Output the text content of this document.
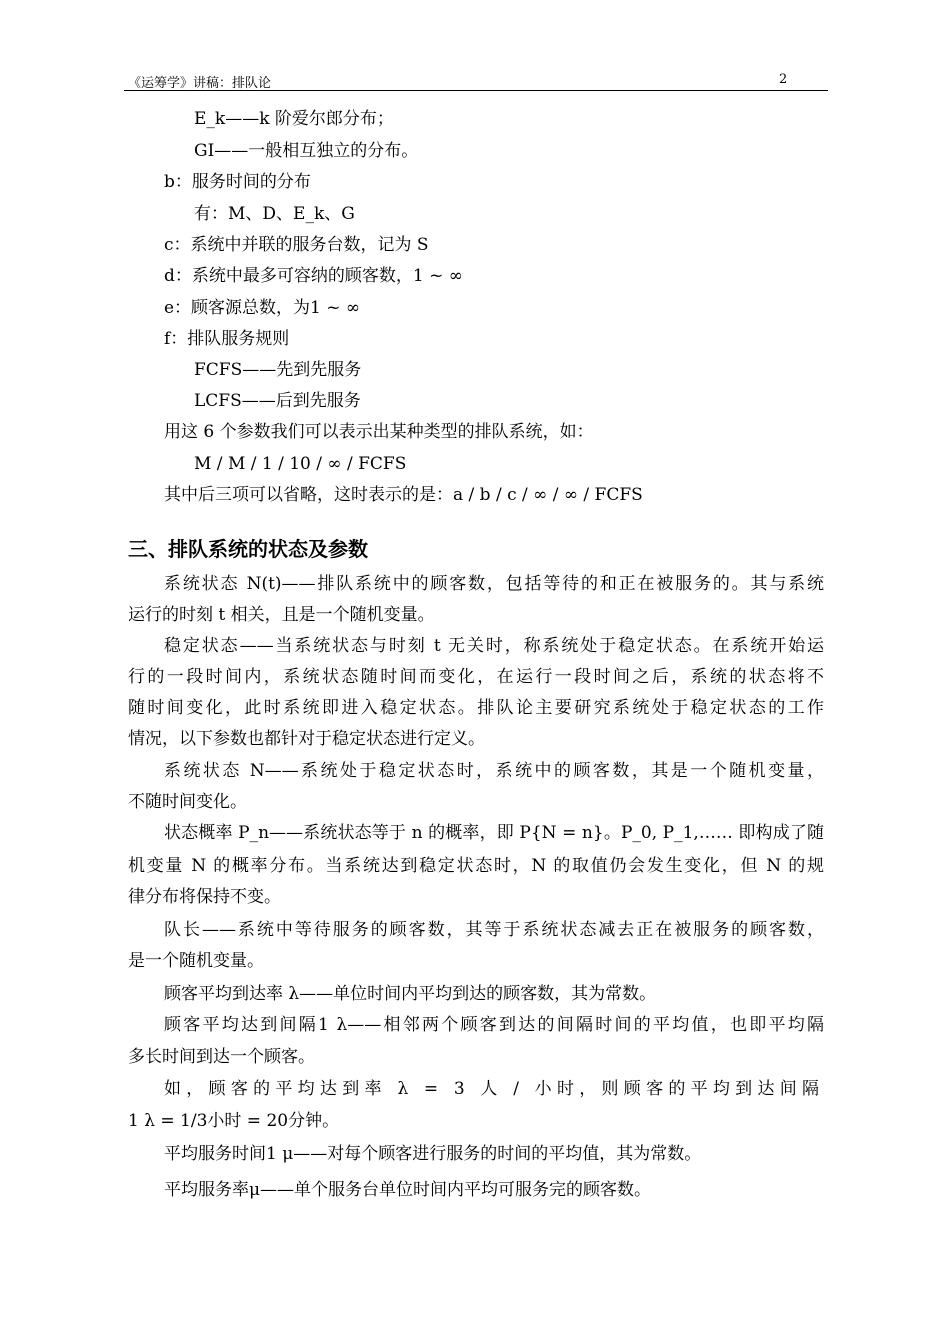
《运筹学》讲稿：排队论	2
E_k——k 阶爱尔郎分布；
GI——一般相互独立的分布。
b：服务时间的分布
有：M、D、E_k、G
c：系统中并联的服务台数，记为 S
d：系统中最多可容纳的顾客数，1 ~ ∞
e：顾客源总数，为1 ~ ∞
f：排队服务规则
FCFS——先到先服务
LCFS——后到先服务
用这 6 个参数我们可以表示出某种类型的排队系统，如：
M / M / 1 / 10 / ∞ / FCFS
其中后三项可以省略，这时表示的是：a / b / c / ∞ / ∞ / FCFS
三、排队系统的状态及参数
系统状态 N(t)——排队系统中的顾客数，包括等待的和正在被服务的。其与系统
运行的时刻 t 相关，且是一个随机变量。
稳定状态——当系统状态与时刻 t 无关时，称系统处于稳定状态。在系统开始运
行的一段时间内，系统状态随时间而变化，在运行一段时间之后，系统的状态将不
随时间变化，此时系统即进入稳定状态。排队论主要研究系统处于稳定状态的工作
情况，以下参数也都针对于稳定状态进行定义。
系统状态 N——系统处于稳定状态时，系统中的顾客数，其是一个随机变量，
不随时间变化。
状态概率 P_n——系统状态等于 n 的概率，即 P{N = n}。P_0, P_1,…… 即构成了随
机变量 N 的概率分布。当系统达到稳定状态时，N 的取值仍会发生变化，但 N 的规
律分布将保持不变。
队长——系统中等待服务的顾客数，其等于系统状态减去正在被服务的顾客数，
是一个随机变量。
顾客平均到达率 λ——单位时间内平均到达的顾客数，其为常数。
顾客平均达到间隔1 λ——相邻两个顾客到达的间隔时间的平均值，也即平均隔
多长时间到达一个顾客。
如，顾客的平均达到率 λ = 3 人 / 小时，则顾客的平均到达间隔
1 λ = 1/3小时 = 20分钟。
平均服务时间1 μ——对每个顾客进行服务的时间的平均值，其为常数。
平均服务率μ——单个服务台单位时间内平均可服务完的顾客数。
